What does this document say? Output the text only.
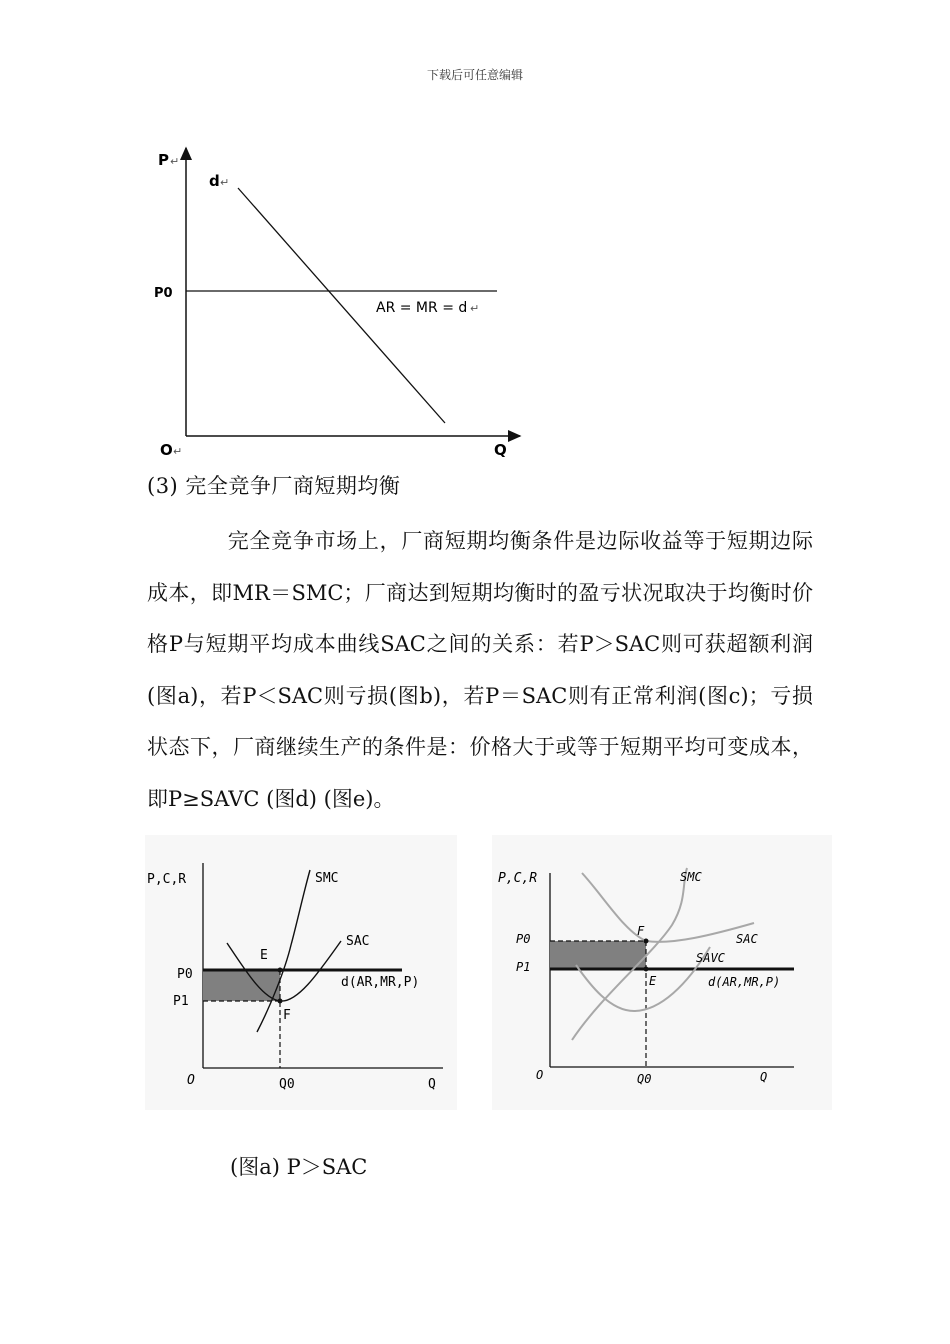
下载后可任意编辑
P ↵
d ↵
P0
AR = MR = d ↵
O ↵	Q
(3) 完全竞争厂商短期均衡
完全竞争市场上，厂商短期均衡条件是边际收益等于短期边际成本，即MR＝SMC；厂商达到短期均衡时的盈亏状况取决于均衡时价格P与短期平均成本曲线SAC之间的关系：若P＞SAC则可获超额利润(图a)，若P＜SAC则亏损(图b)，若P＝SAC则有正常利润(图c)；亏损状态下，厂商继续生产的条件是：价格大于或等于短期平均可变成本，即P≥SAVC (图d) (图e)。
P,C,R	SMC
SAC
E
F
P0
P1
d(AR,MR,P)
O	Q0	Q
P,C,R	SMC
SAC
SAVC
F
E
P0
P1
d(AR,MR,P)
O	Q0	Q
(图a) P＞SAC
